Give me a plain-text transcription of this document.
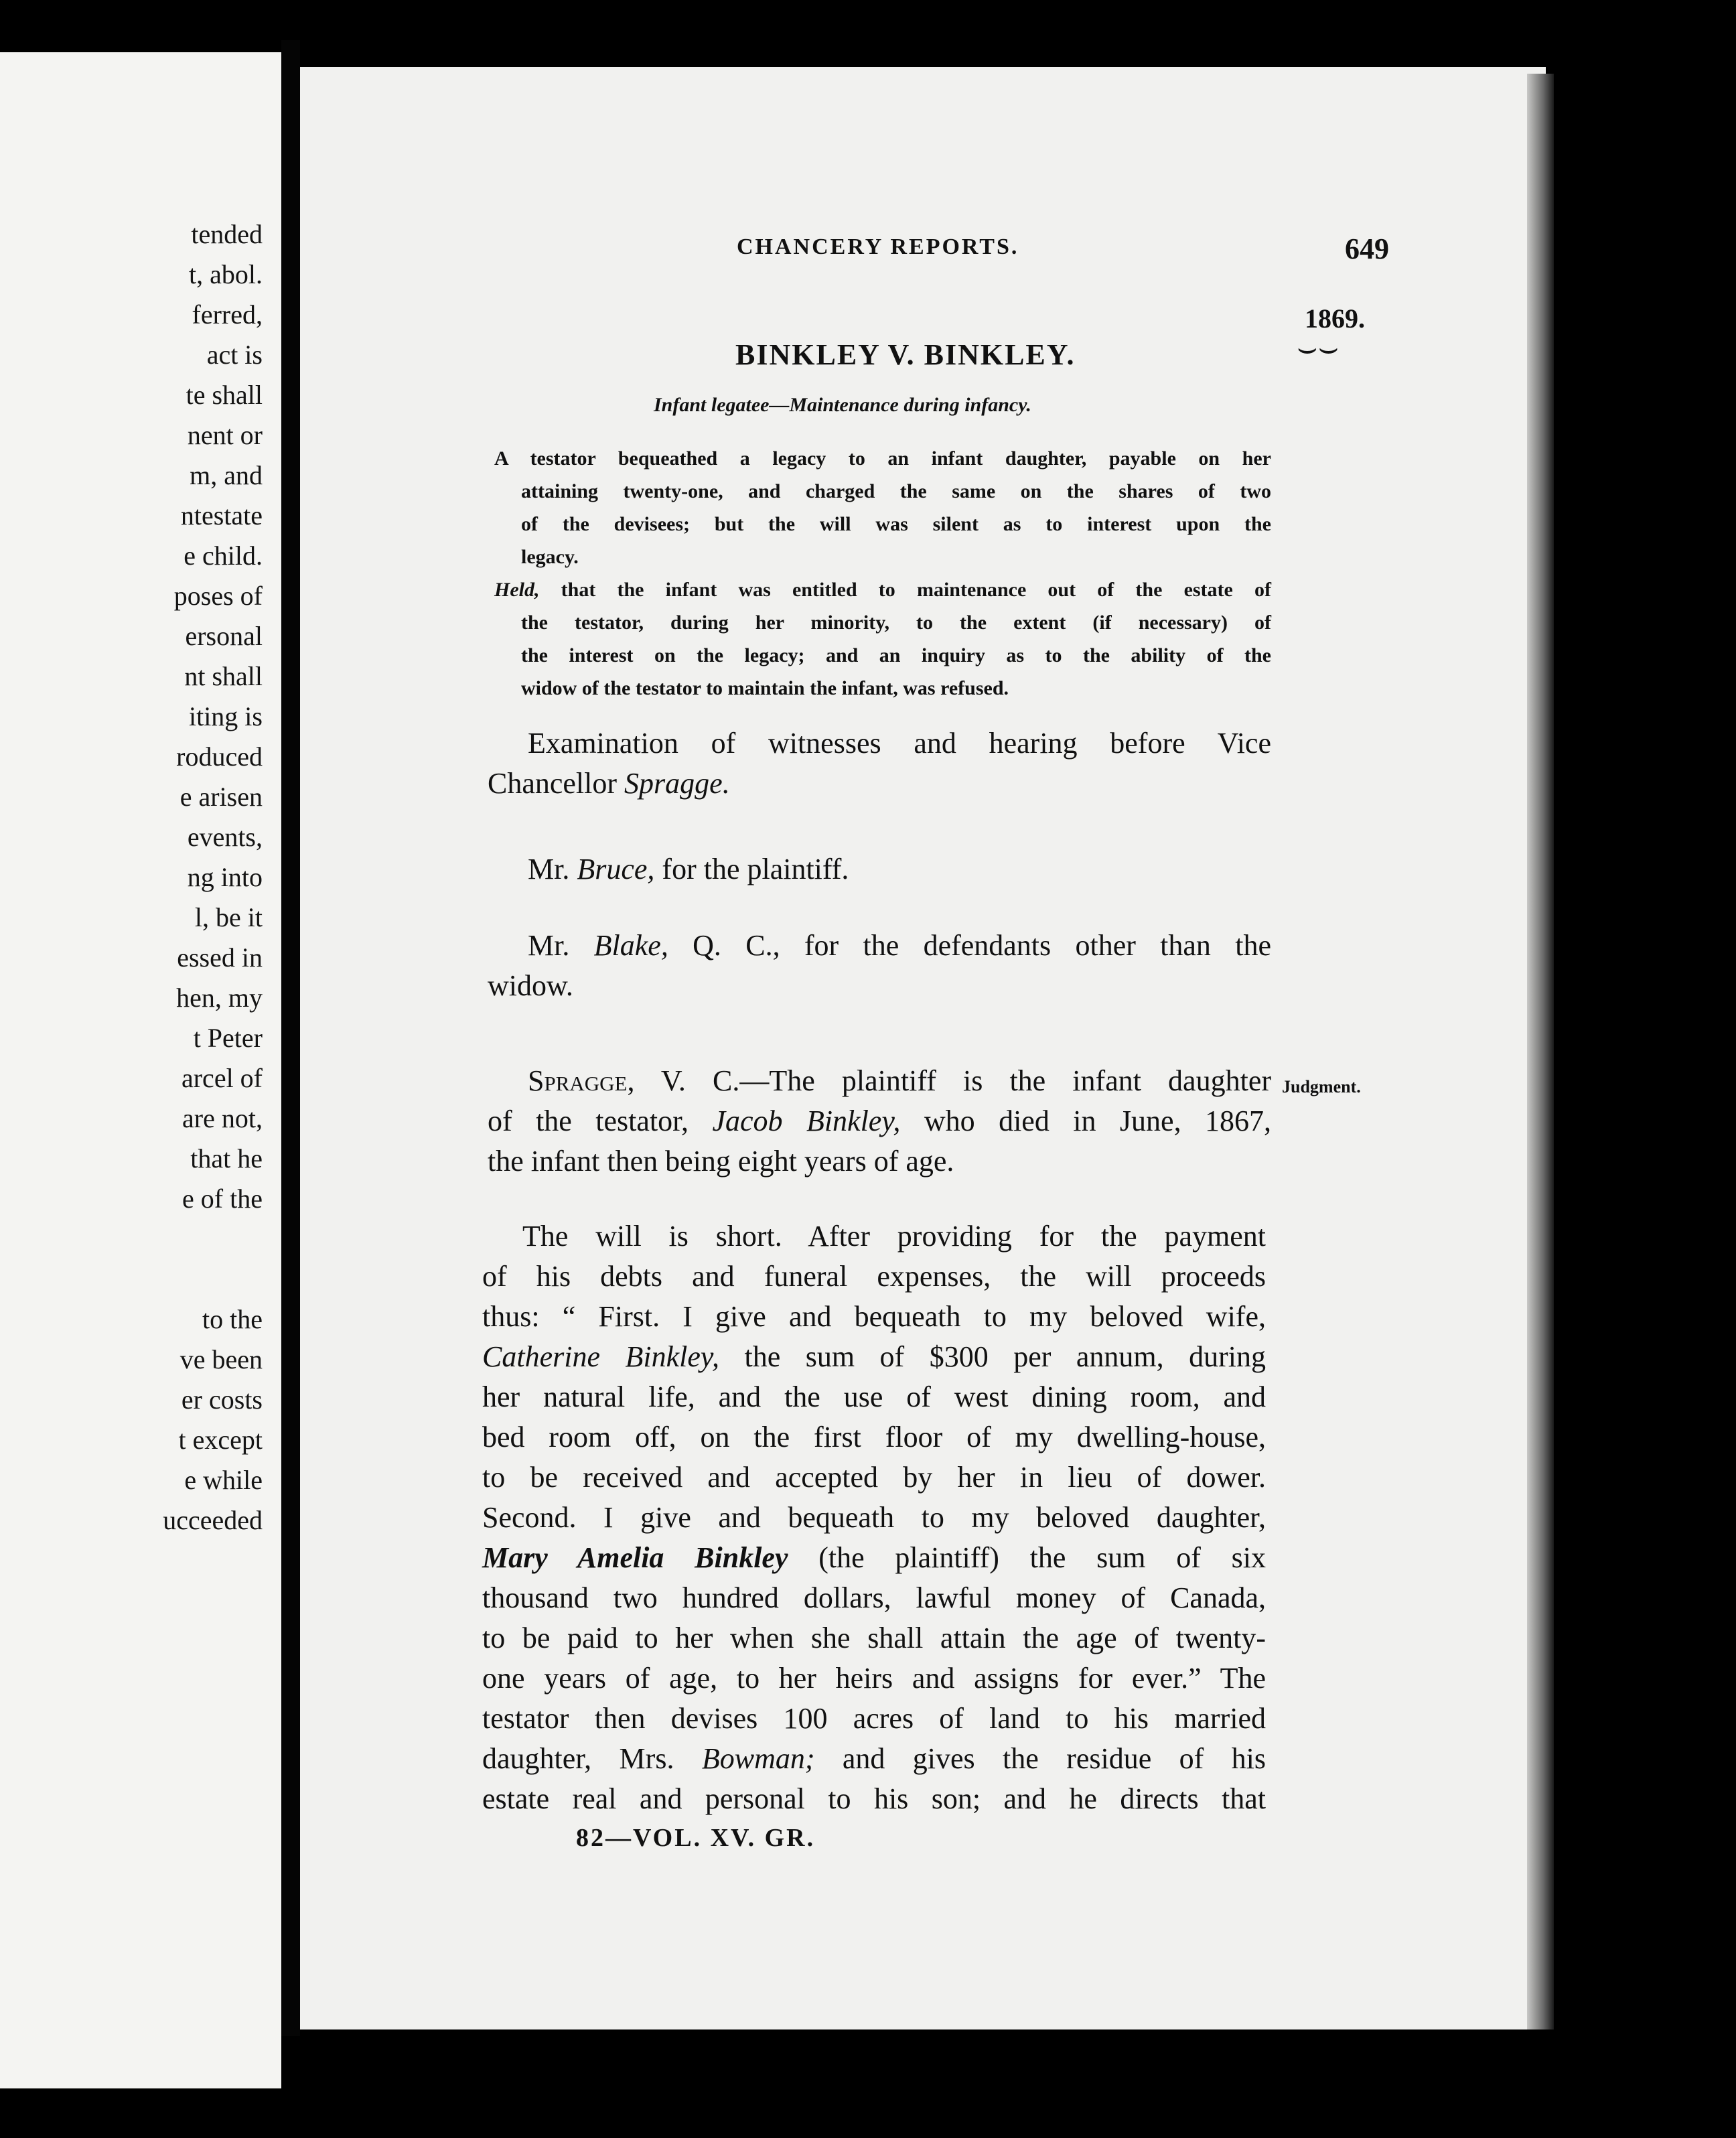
tended
t, abol.
ferred,
act is
te shall
nent or
m, and
ntestate
e child.
poses of
ersonal
nt shall
iting is
roduced
e arisen
events,
ng into
l, be it
essed in
hen, my
t Peter
arcel of
are not,
that he
e of the
to the
ve been
er costs
t except
e while
ucceeded
CHANCERY REPORTS.	649
1869.
⌣⌣
BINKLEY V. BINKLEY.
Infant legatee—Maintenance during infancy.
A testator bequeathed a legacy to an infant daughter, payable on her
attaining twenty-one, and charged the same on the shares of two
of the devisees; but the will was silent as to interest upon the
legacy.
Held, that the infant was entitled to maintenance out of the estate of
the testator, during her minority, to the extent (if necessary) of
the interest on the legacy; and an inquiry as to the ability of the
widow of the testator to maintain the infant, was refused.
Examination of witnesses and hearing before Vice
Chancellor Spragge.
Mr. Bruce, for the plaintiff.
Mr. Blake, Q. C., for the defendants other than the
widow.
Judgment.
Spragge, V. C.—The plaintiff is the infant daughter
of the testator, Jacob Binkley, who died in June, 1867,
the infant then being eight years of age.
The will is short. After providing for the payment
of his debts and funeral expenses, the will proceeds
thus: “ First. I give and bequeath to my beloved wife,
Catherine Binkley, the sum of $300 per annum, during
her natural life, and the use of west dining room, and
bed room off, on the first floor of my dwelling-house,
to be received and accepted by her in lieu of dower.
Second. I give and bequeath to my beloved daughter,
Mary Amelia Binkley (the plaintiff) the sum of six
thousand two hundred dollars, lawful money of Canada,
to be paid to her when she shall attain the age of twenty-
one years of age, to her heirs and assigns for ever.” The
testator then devises 100 acres of land to his married
daughter, Mrs. Bowman; and gives the residue of his
estate real and personal to his son; and he directs that
82—VOL. XV. GR.
